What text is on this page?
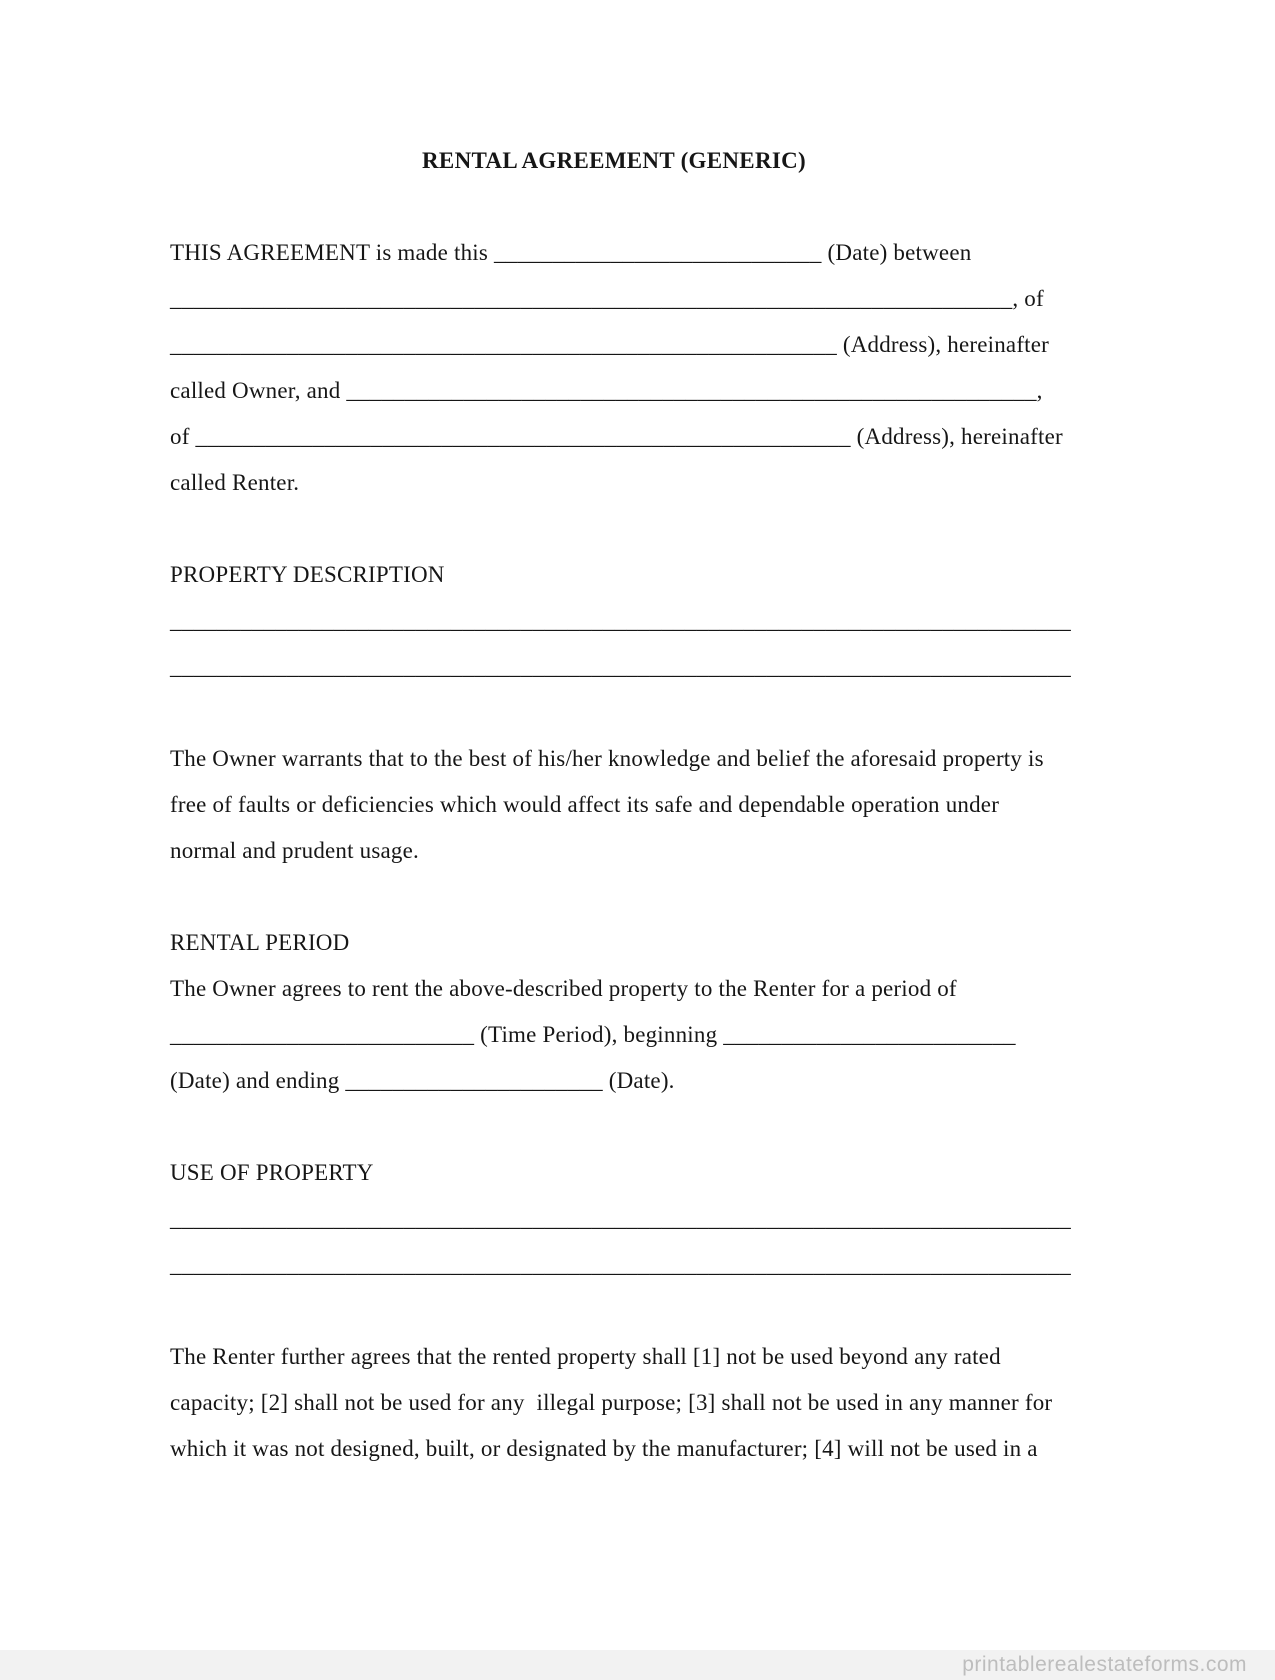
RENTAL AGREEMENT (GENERIC)
THIS AGREEMENT is made this ____________________________ (Date) between
________________________________________________________________________, of
_________________________________________________________ (Address), hereinafter
called Owner, and ___________________________________________________________,
of ________________________________________________________ (Address), hereinafter
called Renter.
PROPERTY DESCRIPTION
_____________________________________________________________________________
_____________________________________________________________________________
The Owner warrants that to the best of his/her knowledge and belief the aforesaid property is
free of faults or deficiencies which would affect its safe and dependable operation under
normal and prudent usage.
RENTAL PERIOD
The Owner agrees to rent the above-described property to the Renter for a period of
__________________________ (Time Period), beginning _________________________
(Date) and ending ______________________ (Date).
USE OF PROPERTY
_____________________________________________________________________________
_____________________________________________________________________________
The Renter further agrees that the rented property shall [1] not be used beyond any rated
capacity; [2] shall not be used for any  illegal purpose; [3] shall not be used in any manner for
which it was not designed, built, or designated by the manufacturer; [4] will not be used in a
printablerealestateforms.com
